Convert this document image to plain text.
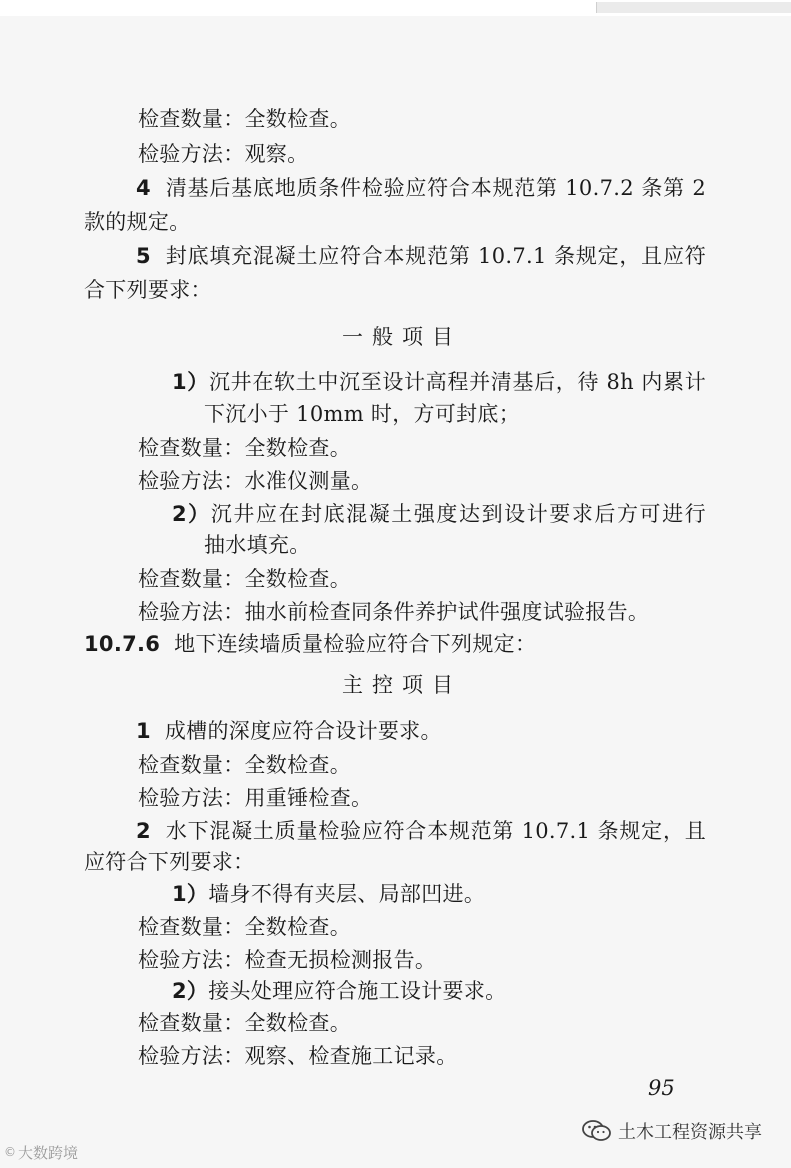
检查数量：全数检查。
检验方法：观察。
4 清基后基底地质条件检验应符合本规范第 10.7.2 条第 2
款的规定。
5 封底填充混凝土应符合本规范第 10.7.1 条规定，且应符
合下列要求：
一般项目
1）沉井在软土中沉至设计高程并清基后，待 8h 内累计
下沉小于 10mm 时，方可封底；
检查数量：全数检查。
检验方法：水准仪测量。
2）沉井应在封底混凝土强度达到设计要求后方可进行
抽水填充。
检查数量：全数检查。
检验方法：抽水前检查同条件养护试件强度试验报告。
10.7.6 地下连续墙质量检验应符合下列规定：
主控项目
1 成槽的深度应符合设计要求。
检查数量：全数检查。
检验方法：用重锤检查。
2 水下混凝土质量检验应符合本规范第 10.7.1 条规定，且
应符合下列要求：
1）墙身不得有夹层、局部凹进。
检查数量：全数检查。
检验方法：检查无损检测报告。
2）接头处理应符合施工设计要求。
检查数量：全数检查。
检验方法：观察、检查施工记录。
95
© 大数跨境
土木工程资源共享
